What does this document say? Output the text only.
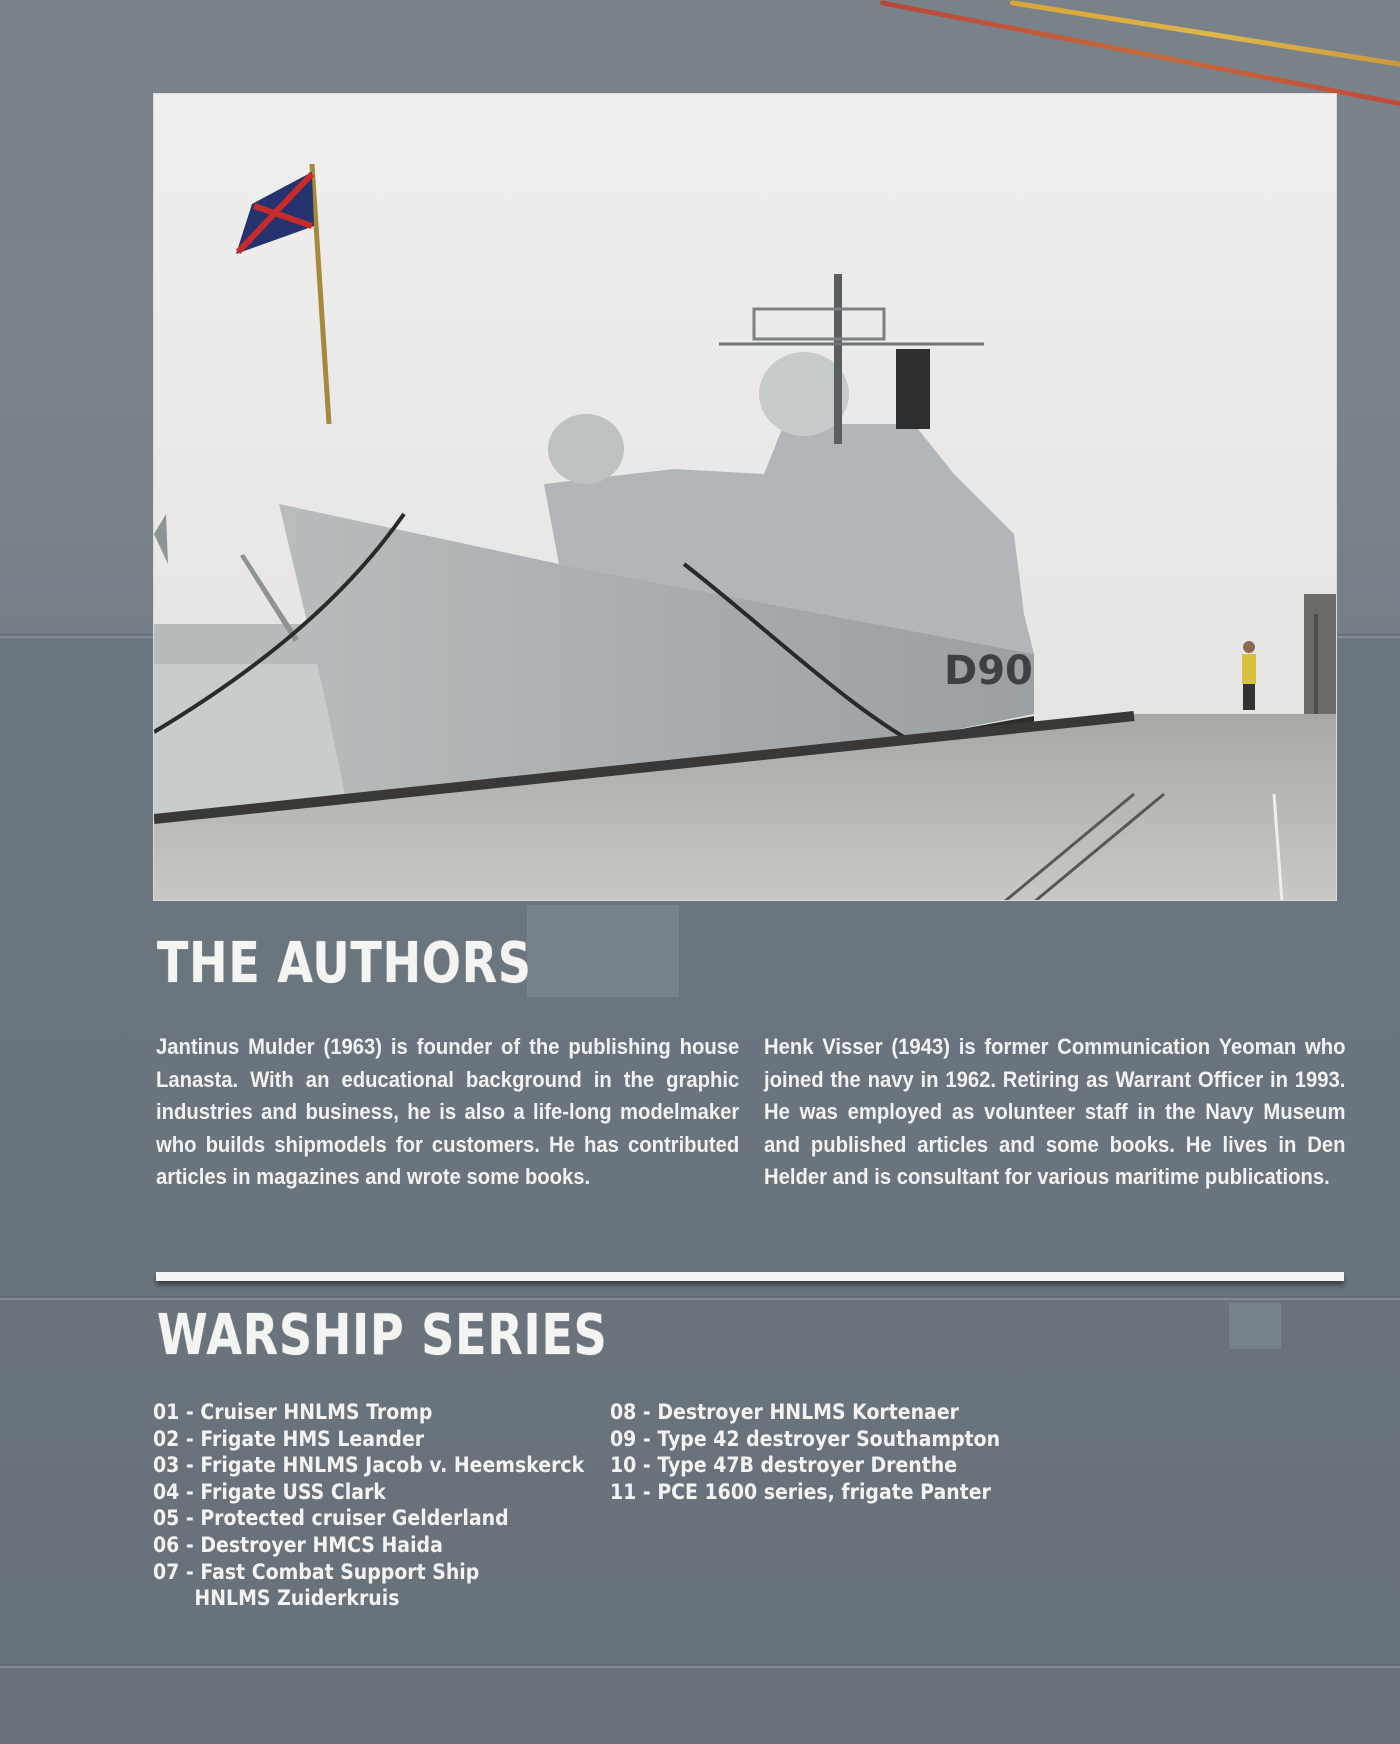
D90
THE AUTHORS
Jantinus Mulder (1963) is founder of the publishing house Lanasta. With an educational background in the graphic industries and business, he is also a life-long modelmaker who builds shipmodels for customers. He has contributed articles in magazines and wrote some books.
Henk Visser (1943) is former Communication Yeoman who joined the navy in 1962. Retiring as Warrant Officer in 1993. He was employed as volunteer staff in the Navy Museum and published articles and some books. He lives in Den Helder and is consultant for various maritime publications.
WARSHIP SERIES
01 - Cruiser HNLMS Tromp
02 - Frigate HMS Leander
03 - Frigate HNLMS Jacob v. Heemskerck
04 - Frigate USS Clark
05 - Protected cruiser Gelderland
06 - Destroyer HMCS Haida
07 - Fast Combat Support Ship
HNLMS Zuiderkruis
08 - Destroyer HNLMS Kortenaer
09 - Type 42 destroyer Southampton
10 - Type 47B destroyer Drenthe
11 - PCE 1600 series, frigate Panter
